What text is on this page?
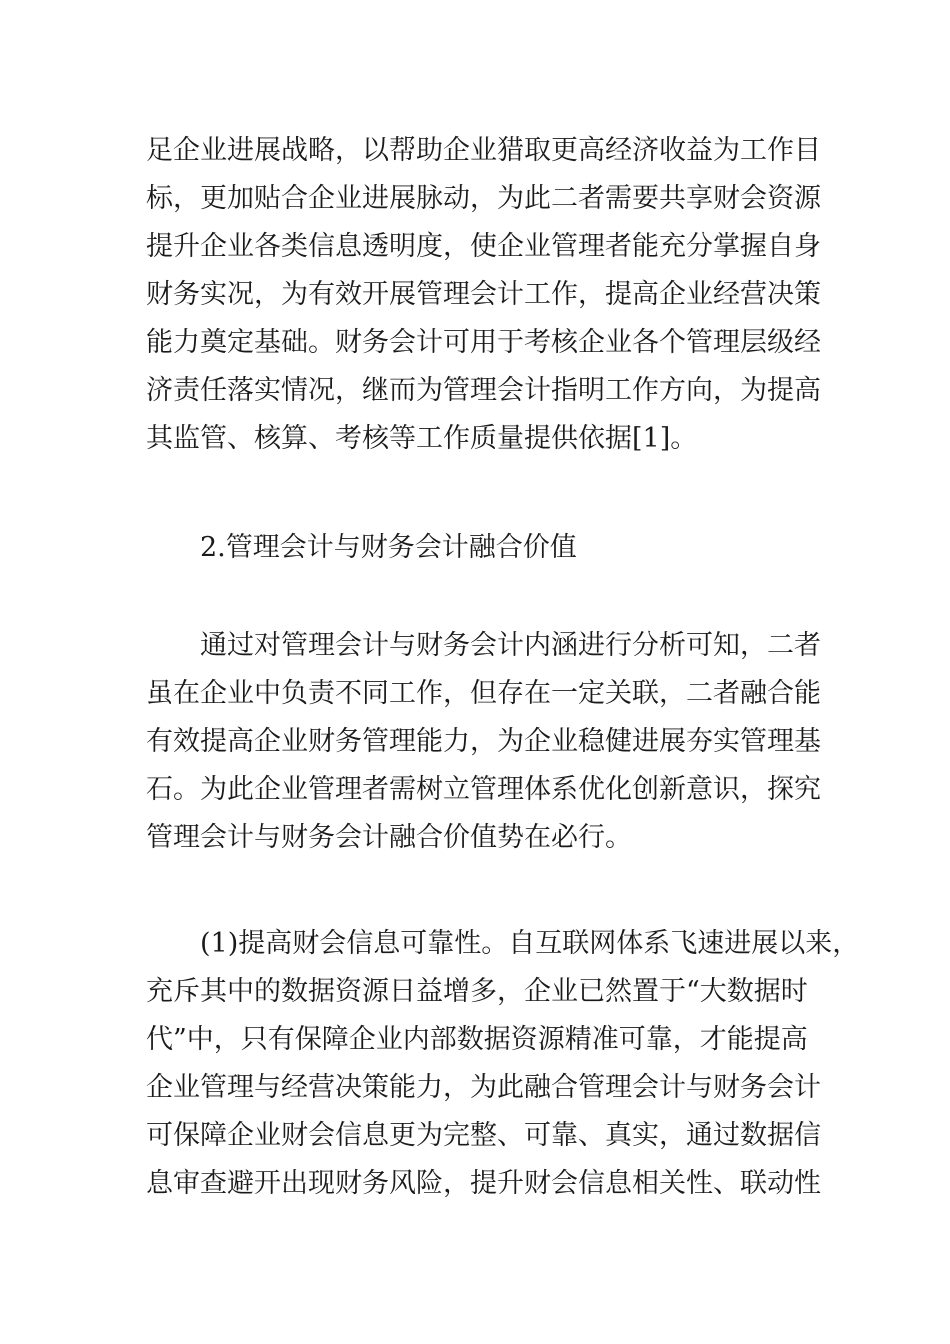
足企业进展战略，以帮助企业猎取更高经济收益为工作目
标，更加贴合企业进展脉动，为此二者需要共享财会资源
提升企业各类信息透明度，使企业管理者能充分掌握自身
财务实况，为有效开展管理会计工作，提高企业经营决策
能力奠定基础。财务会计可用于考核企业各个管理层级经
济责任落实情况，继而为管理会计指明工作方向，为提高
其监管、核算、考核等工作质量提供依据[1]。
　　2.管理会计与财务会计融合价值
　　通过对管理会计与财务会计内涵进行分析可知，二者
虽在企业中负责不同工作，但存在一定关联，二者融合能
有效提高企业财务管理能力，为企业稳健进展夯实管理基
石。为此企业管理者需树立管理体系优化创新意识，探究
管理会计与财务会计融合价值势在必行。
　　(1)提高财会信息可靠性。自互联网体系飞速进展以来，
充斥其中的数据资源日益增多，企业已然置于“大数据时
代”中，只有保障企业内部数据资源精准可靠，才能提高
企业管理与经营决策能力，为此融合管理会计与财务会计
可保障企业财会信息更为完整、可靠、真实，通过数据信
息审查避开出现财务风险，提升财会信息相关性、联动性
